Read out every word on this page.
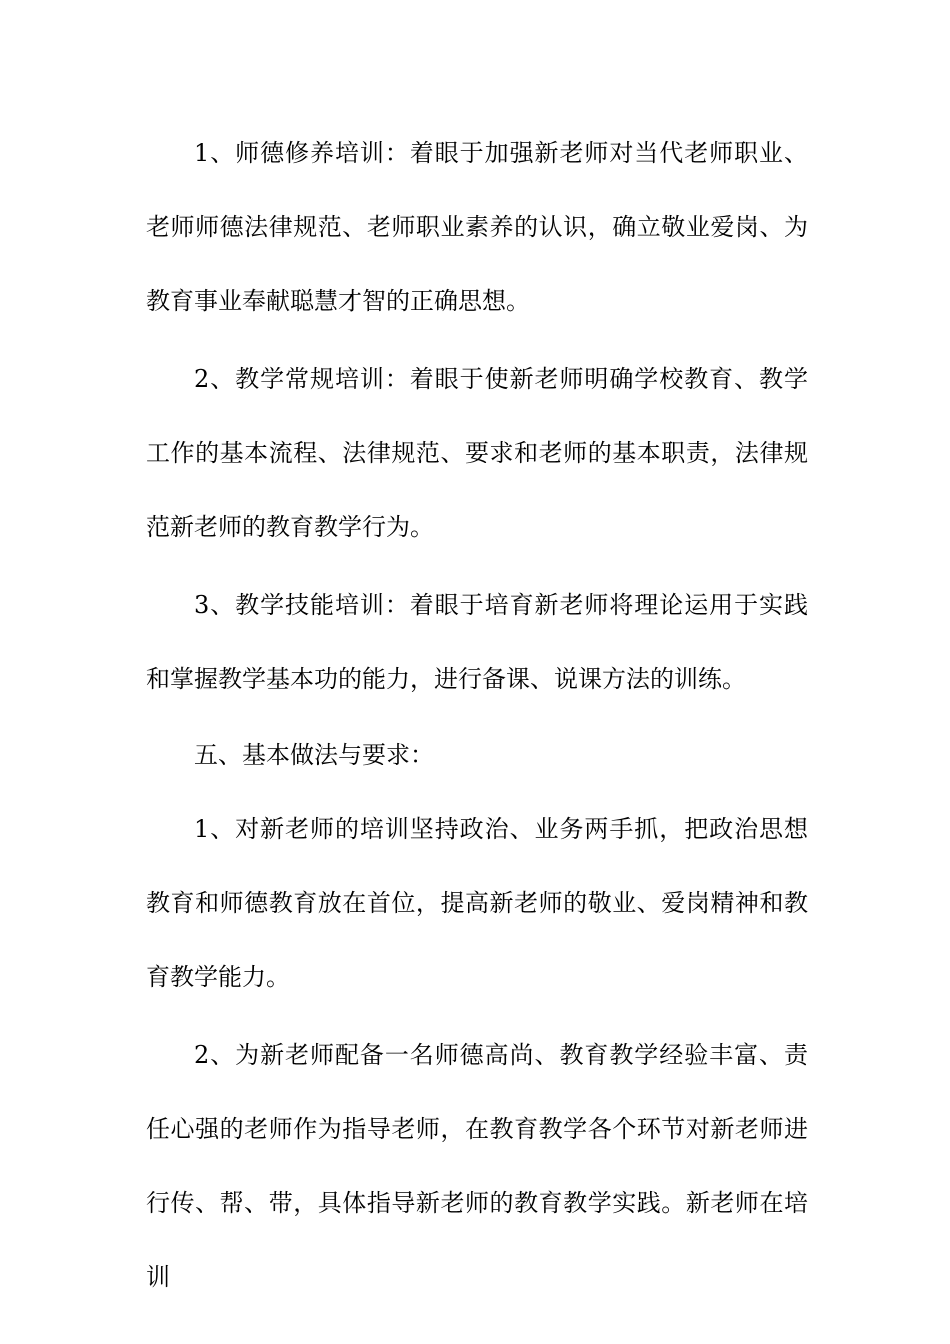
1、师德修养培训：着眼于加强新老师对当代老师职业、老师师德法律规范、老师职业素养的认识，确立敬业爱岗、为教育事业奉献聪慧才智的正确思想。

2、教学常规培训：着眼于使新老师明确学校教育、教学工作的基本流程、法律规范、要求和老师的基本职责，法律规范新老师的教育教学行为。

3、教学技能培训：着眼于培育新老师将理论运用于实践和掌握教学基本功的能力，进行备课、说课方法的训练。

五、基本做法与要求：

1、对新老师的培训坚持政治、业务两手抓，把政治思想教育和师德教育放在首位，提高新老师的敬业、爱岗精神和教育教学能力。

2、为新老师配备一名师德高尚、教育教学经验丰富、责任心强的老师作为指导老师，在教育教学各个环节对新老师进行传、帮、带，具体指导新老师的教育教学实践。新老师在培训
